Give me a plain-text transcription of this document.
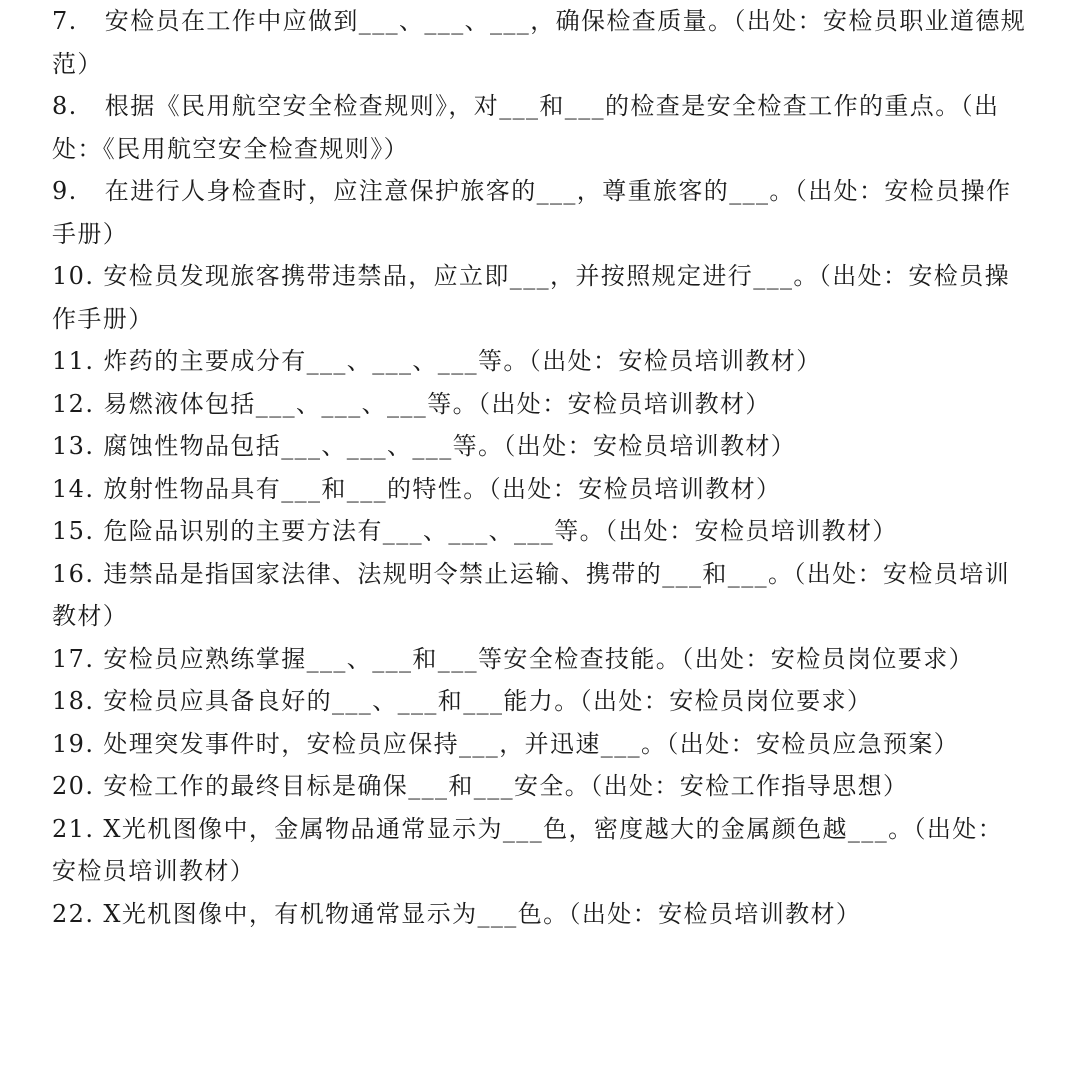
7. 安检员在工作中应做到___、___、___，确保检查质量。（出处：安检员职业道德规范）
8. 根据《民用航空安全检查规则》，对___和___的检查是安全检查工作的重点。（出处：《民用航空安全检查规则》）
9. 在进行人身检查时，应注意保护旅客的___，尊重旅客的___。（出处：安检员操作手册）
10. 安检员发现旅客携带违禁品，应立即___，并按照规定进行___。（出处：安检员操作手册）
11. 炸药的主要成分有___、___、___等。（出处：安检员培训教材）
12. 易燃液体包括___、___、___等。（出处：安检员培训教材）
13. 腐蚀性物品包括___、___、___等。（出处：安检员培训教材）
14. 放射性物品具有___和___的特性。（出处：安检员培训教材）
15. 危险品识别的主要方法有___、___、___等。（出处：安检员培训教材）
16. 违禁品是指国家法律、法规明令禁止运输、携带的___和___。（出处：安检员培训教材）
17. 安检员应熟练掌握___、___和___等安全检查技能。（出处：安检员岗位要求）
18. 安检员应具备良好的___、___和___能力。（出处：安检员岗位要求）
19. 处理突发事件时，安检员应保持___，并迅速___。（出处：安检员应急预案）
20. 安检工作的最终目标是确保___和___安全。（出处：安检工作指导思想）
21. X光机图像中，金属物品通常显示为___色，密度越大的金属颜色越___。（出处：安检员培训教材）
22. X光机图像中，有机物通常显示为___色。（出处：安检员培训教材）
